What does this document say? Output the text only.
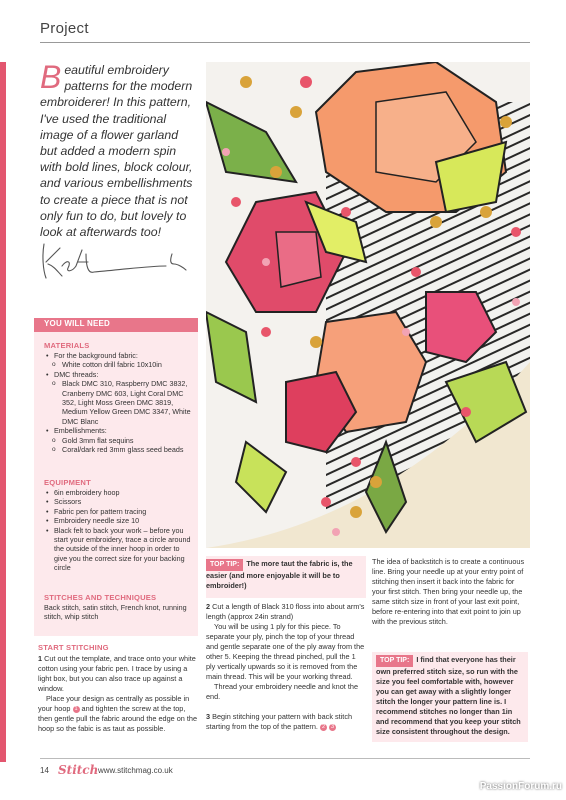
Project
Beautiful embroidery patterns for the modern embroiderer! In this pattern, I've used the traditional image of a flower garland but added a modern spin with bold lines, block colour, and various embellishments to create a piece that is not only fun to do, but lovely to look at afterwards too!
YOU WILL NEED
MATERIALS
• For the background fabric:
o White cotton drill fabric 10x10in
• DMC threads:
o Black DMC 310, Raspberry DMC 3832, Cranberry DMC 603, Light Coral DMC 352, Light Moss Green DMC 3819, Medium Yellow Green DMC 3347, White DMC Blanc
• Embellishments:
o Gold 3mm flat sequins
o Coral/dark red 3mm glass seed beads
EQUIPMENT
• 6in embroidery hoop
• Scissors
• Fabric pen for pattern tracing
• Embroidery needle size 10
• Black felt to back your work – before you start your embroidery, trace a circle around the outside of the inner hoop in order to give you the correct size for your backing circle
STITCHES AND TECHNIQUES
Back stitch, satin stitch, French knot, running stitch, whip stitch
START STITCHING

1 Cut out the template, and trace onto your white cotton using your fabric pen. I trace by using a light box, but you can also trace up against a window.

Place your design as centrally as possible in your hoop 1 and tighten the screw at the top, then gentle pull the fabric around the edge on the hoop so the fabic is as taut as possible.

TOP TIP: The more taut the fabric is, the easier (and more enjoyable it will be to embroider!)

2 Cut a length of Black 310 floss into about arm's length (approx 24in strand)

You will be using 1 ply for this piece. To separate your ply, pinch the top of your thread and gentle separate one of the ply away from the other 5. Keeping the thread pinched, pull the 1 ply vertically upwards so it is removed from the main thread. This will be your working thread.

Thread your embroidery needle and knot the end.

3 Begin stitching your pattern with back stitch starting from the top of the pattern. 2 3

The idea of backstitch is to create a continuous line. Bring your needle up at your entry point of stitching then insert it back into the fabric for your first stitch. Then bring your needle up, the same stitch size in front of your last exit point, before re-entering into that exit point to join up with the previous stitch.
TOP TIP: I find that everyone has their own preferred stitch size, so run with the size you feel comfortable with, however you can get away with a slightly longer stitch the longer your pattern line is. I recommend stitches no longer than 1in and recommend that you keep your stitch size consistent throughout the design.
14 Stitch www.stitchmag.co.uk
PassionForum.ru
